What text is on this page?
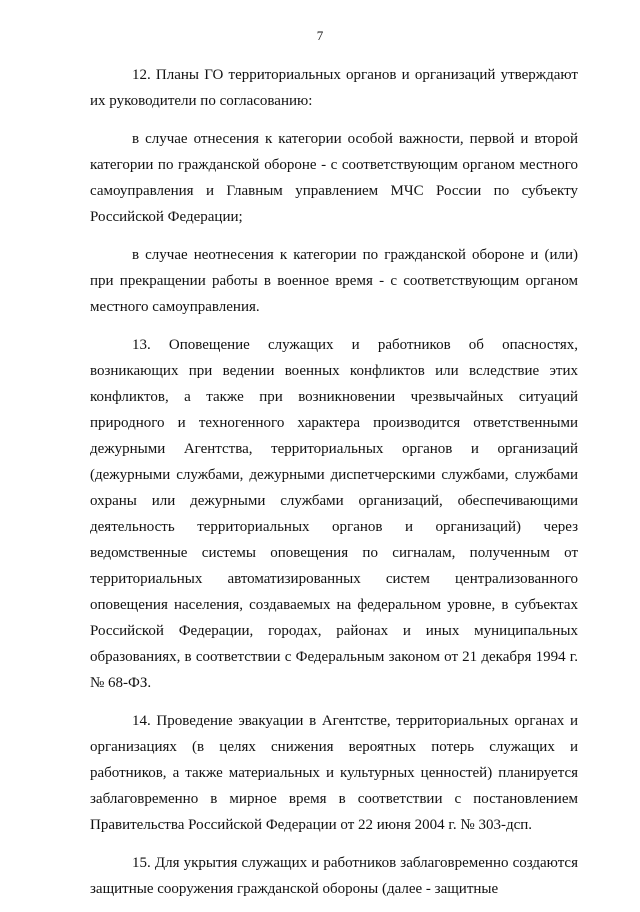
7

12. Планы ГО территориальных органов и организаций утверждают их руководители по согласованию:

в случае отнесения к категории особой важности, первой и второй категории по гражданской обороне - с соответствующим органом местного самоуправления и Главным управлением МЧС России по субъекту Российской Федерации;

в случае неотнесения к категории по гражданской обороне и (или) при прекращении работы в военное время - с соответствующим органом местного самоуправления.

13. Оповещение служащих и работников об опасностях, возникающих при ведении военных конфликтов или вследствие этих конфликтов, а также при возникновении чрезвычайных ситуаций природного и техногенного характера производится ответственными дежурными Агентства, территориальных органов и организаций (дежурными службами, дежурными диспетчерскими службами, службами охраны или дежурными службами организаций, обеспечивающими деятельность территориальных органов и организаций) через ведомственные системы оповещения по сигналам, полученным от территориальных автоматизированных систем централизованного оповещения населения, создаваемых на федеральном уровне, в субъектах Российской Федерации, городах, районах и иных муниципальных образованиях, в соответствии с Федеральным законом от 21 декабря 1994 г. № 68-ФЗ.

14. Проведение эвакуации в Агентстве, территориальных органах и организациях (в целях снижения вероятных потерь служащих и работников, а также материальных и культурных ценностей) планируется заблаговременно в мирное время в соответствии с постановлением Правительства Российской Федерации от 22 июня 2004 г. № 303-дсп.

15. Для укрытия служащих и работников заблаговременно создаются защитные сооружения гражданской обороны (далее - защитные
